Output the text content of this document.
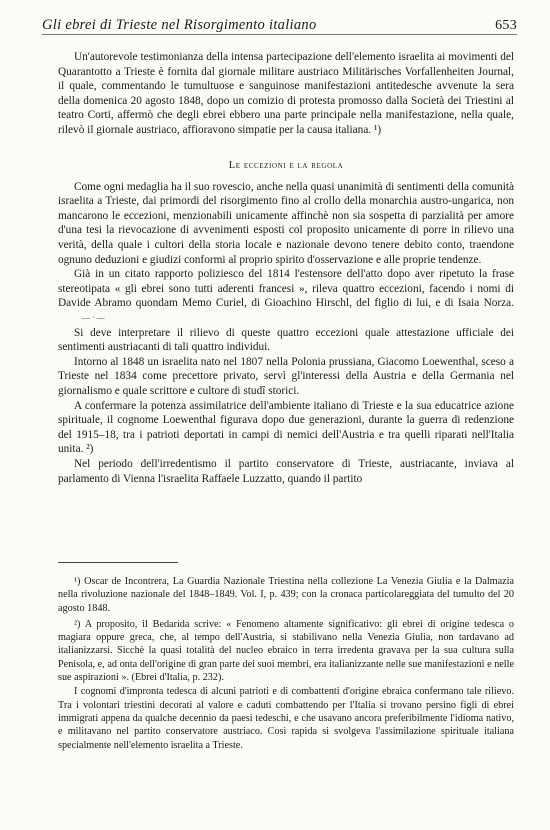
Gli ebrei di Trieste nel Risorgimento italiano	653

Un'autorevole testimonianza della intensa partecipazione dell'elemento israelita ai movimenti del Quarantotto a Trieste è fornita dal giornale militare austriaco Militärisches Vorfallenheiten Journal, il quale, commentando le tumultuose e sanguinose manifestazioni antitedesche avvenute la sera della domenica 20 agosto 1848, dopo un comizio di protesta promosso dalla Società dei Triestini al teatro Corti, affermò che degli ebrei ebbero una parte principale nella manifestazione, nella quale, rilevò il giornale austriaco, affioravono simpatie per la causa italiana. ¹)

Le eccezioni e la regola

Come ogni medaglia ha il suo rovescio, anche nella quasi unanimità di sentimenti della comunità israelita a Trieste, dai primordi del risorgimento fino al crollo della monarchia austro-ungarica, non mancarono le eccezioni, menzionabili unicamente affinchè non sia sospetta di parzialità per amore d'una tesi la rievocazione di avvenimenti esposti col proposito unicamente di porre in rilievo una verità, della quale i cultori della storia locale e nazionale devono tenere debito conto, traendone ognuno deduzioni e giudizi conformi al proprio spirito d'osservazione e alle proprie tendenze.

Già in un citato rapporto poliziesco del 1814 l'estensore dell'atto dopo aver ripetuto la frase stereotipata « gli ebrei sono tutti aderenti francesi », rileva quattro eccezioni, facendo i nomi di Davide Abramo quondam Memo Curiel, di Gioachino Hirschl, del figlio di lui, e di Isaia Norza.— · —

Si deve interpretare il rilievo di queste quattro eccezioni quale attestazione ufficiale dei sentimenti austriacanti di tali quattro individui.

Intorno al 1848 un israelita nato nel 1807 nella Polonia prussiana, Giacomo Loewenthal, sceso a Trieste nel 1834 come precettore privato, servì gl'interessi della Austria e della Germania nel giornalismo e quale scrittore e cultore di studî storici.

A confermare la potenza assimilatrice dell'ambiente italiano di Trieste e la sua educatrice azione spirituale, il cognome Loewenthal figurava dopo due generazioni, durante la guerra di redenzione del 1915–18, tra i patrioti deportati in campi di nemici dell'Austria e tra quelli riparati nell'Italia unita. ²)

Nel periodo dell'irredentismo il partito conservatore di Trieste, austriacante, inviava al parlamento di Vienna l'israelita Raffaele Luzzatto, quando il partito

¹) Oscar de Incontrera, La Guardia Nazionale Triestina nella collezione La Venezia Giulia e la Dalmazia nella rivoluzione nazionale del 1848–1849. Vol. I, p. 439; con la cronaca particolareggiata del tumulto del 20 agosto 1848.

²) A proposito, il Bedarida scrive: « Fenomeno altamente significativo: gli ebrei di origine tedesca o magiara oppure greca, che, al tempo dell'Austria, si stabilivano nella Venezia Giulia, non tardavano ad italianizzarsi. Sicchè la quasi totalità del nucleo ebraico in terra irredenta gravava per la sua cultura sulla Penisola, e, ad onta dell'origine di gran parte dei suoi membri, era italianizzante nelle sue manifestazioni e nelle sue aspirazioni ». (Ebrei d'Italia, p. 232).

I cognomi d'impronta tedesca di alcuni patrioti e di combattenti d'origine ebraica confermano tale rilievo. Tra i volontari triestini decorati al valore e caduti combattendo per l'Italia si trovano persino figli di ebrei immigrati appena da qualche decennio da paesi tedeschi, e che usavano ancora preferibilmente l'idioma nativo, e militavano nel partito conservatore austriaco. Così rapida si svolgeva l'assimilazione spirituale italiana specialmente nell'elemento israelita a Trieste.
